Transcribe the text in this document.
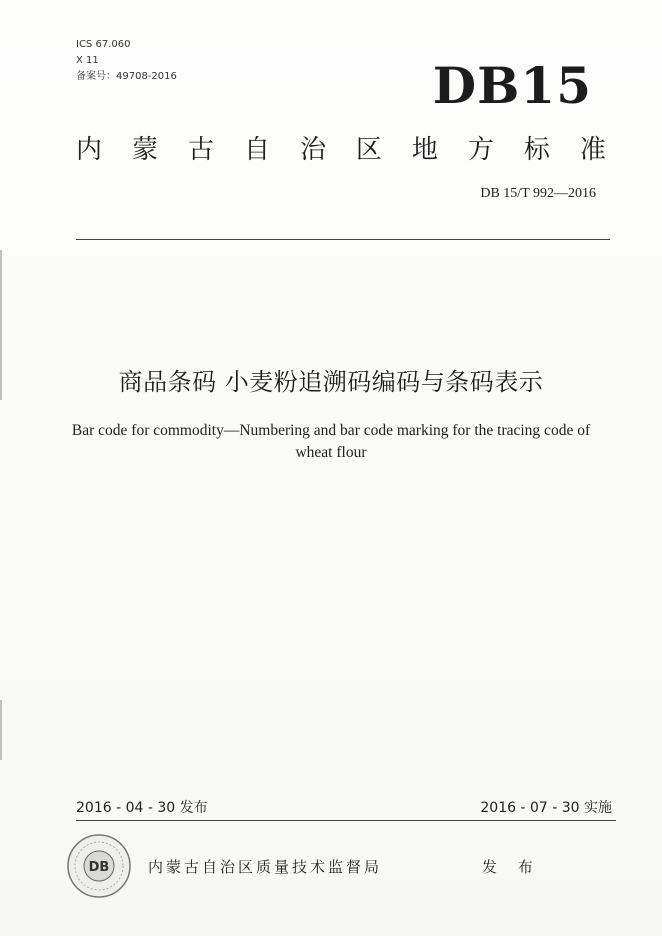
ICS 67.060
X 11
备案号：49708-2016	DB15
内 蒙 古 自 治 区 地 方 标 准
DB 15/T 992—2016
商品条码 小麦粉追溯码编码与条码表示
Bar code for commodity—Numbering and bar code marking for the tracing code of
wheat flour
2016 - 04 - 30 发布	2016 - 07 - 30 实施
DB	内蒙古自治区质量技术监督局	发 布
